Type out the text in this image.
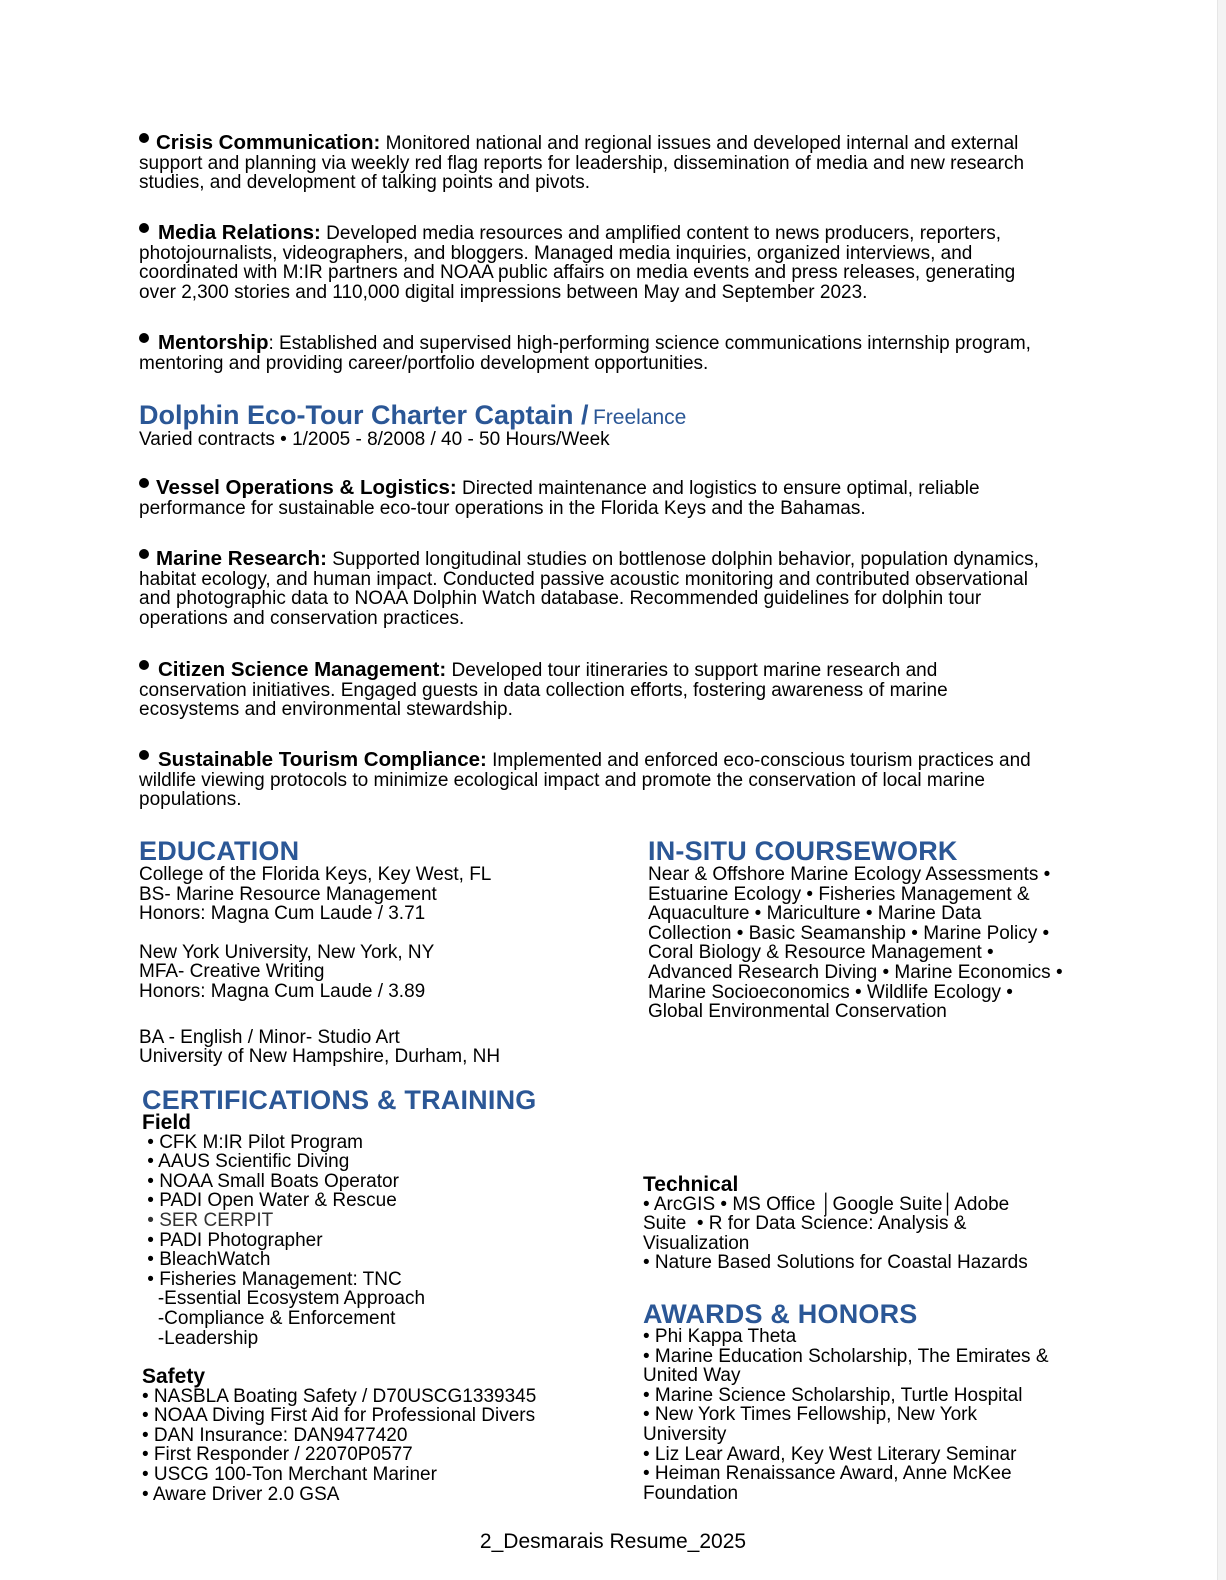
Crisis Communication: Monitored national and regional issues and developed internal and external
support and planning via weekly red flag reports for leadership, dissemination of media and new research
studies, and development of talking points and pivots.
Media Relations: Developed media resources and amplified content to news producers, reporters,
photojournalists, videographers, and bloggers. Managed media inquiries, organized interviews, and
coordinated with M:IR partners and NOAA public affairs on media events and press releases, generating
over 2,300 stories and 110,000 digital impressions between May and September 2023.
Mentorship: Established and supervised high-performing science communications internship program,
mentoring and providing career/portfolio development opportunities.
Dolphin Eco-Tour Charter Captain / Freelance
Varied contracts • 1/2005 - 8/2008 / 40 - 50 Hours/Week
Vessel Operations & Logistics: Directed maintenance and logistics to ensure optimal, reliable
performance for sustainable eco-tour operations in the Florida Keys and the Bahamas.
Marine Research: Supported longitudinal studies on bottlenose dolphin behavior, population dynamics,
habitat ecology, and human impact. Conducted passive acoustic monitoring and contributed observational
and photographic data to NOAA Dolphin Watch database. Recommended guidelines for dolphin tour
operations and conservation practices.
Citizen Science Management: Developed tour itineraries to support marine research and
conservation initiatives. Engaged guests in data collection efforts, fostering awareness of marine
ecosystems and environmental stewardship.
Sustainable Tourism Compliance: Implemented and enforced eco-conscious tourism practices and
wildlife viewing protocols to minimize ecological impact and promote the conservation of local marine
populations.
EDUCATION
College of the Florida Keys, Key West, FL
BS- Marine Resource Management
Honors: Magna Cum Laude / 3.71
New York University, New York, NY
MFA- Creative Writing
Honors: Magna Cum Laude / 3.89
BA - English / Minor- Studio Art
University of New Hampshire, Durham, NH
IN-SITU COURSEWORK
Near & Offshore Marine Ecology Assessments •
Estuarine Ecology • Fisheries Management &
Aquaculture • Mariculture • Marine Data
Collection • Basic Seamanship • Marine Policy •
Coral Biology & Resource Management •
Advanced Research Diving • Marine Economics •
Marine Socioeconomics • Wildlife Ecology •
Global Environmental Conservation
CERTIFICATIONS & TRAINING
Field
• CFK M:IR Pilot Program
• AAUS Scientific Diving
• NOAA Small Boats Operator
• PADI Open Water & Rescue
• SER CERPIT
• PADI Photographer
• BleachWatch
• Fisheries Management: TNC
-Essential Ecosystem Approach
-Compliance & Enforcement
-Leadership
Safety
• NASBLA Boating Safety / D70USCG1339345
• NOAA Diving First Aid for Professional Divers
• DAN Insurance: DAN9477420
• First Responder / 22070P0577
• USCG 100-Ton Merchant Mariner
• Aware Driver 2.0 GSA
Technical
• ArcGIS • MS Office │Google Suite│Adobe
Suite  • R for Data Science: Analysis &
Visualization
• Nature Based Solutions for Coastal Hazards
AWARDS & HONORS
• Phi Kappa Theta
• Marine Education Scholarship, The Emirates &
United Way
• Marine Science Scholarship, Turtle Hospital
• New York Times Fellowship, New York
University
• Liz Lear Award, Key West Literary Seminar
• Heiman Renaissance Award, Anne McKee
Foundation
2_Desmarais Resume_2025
